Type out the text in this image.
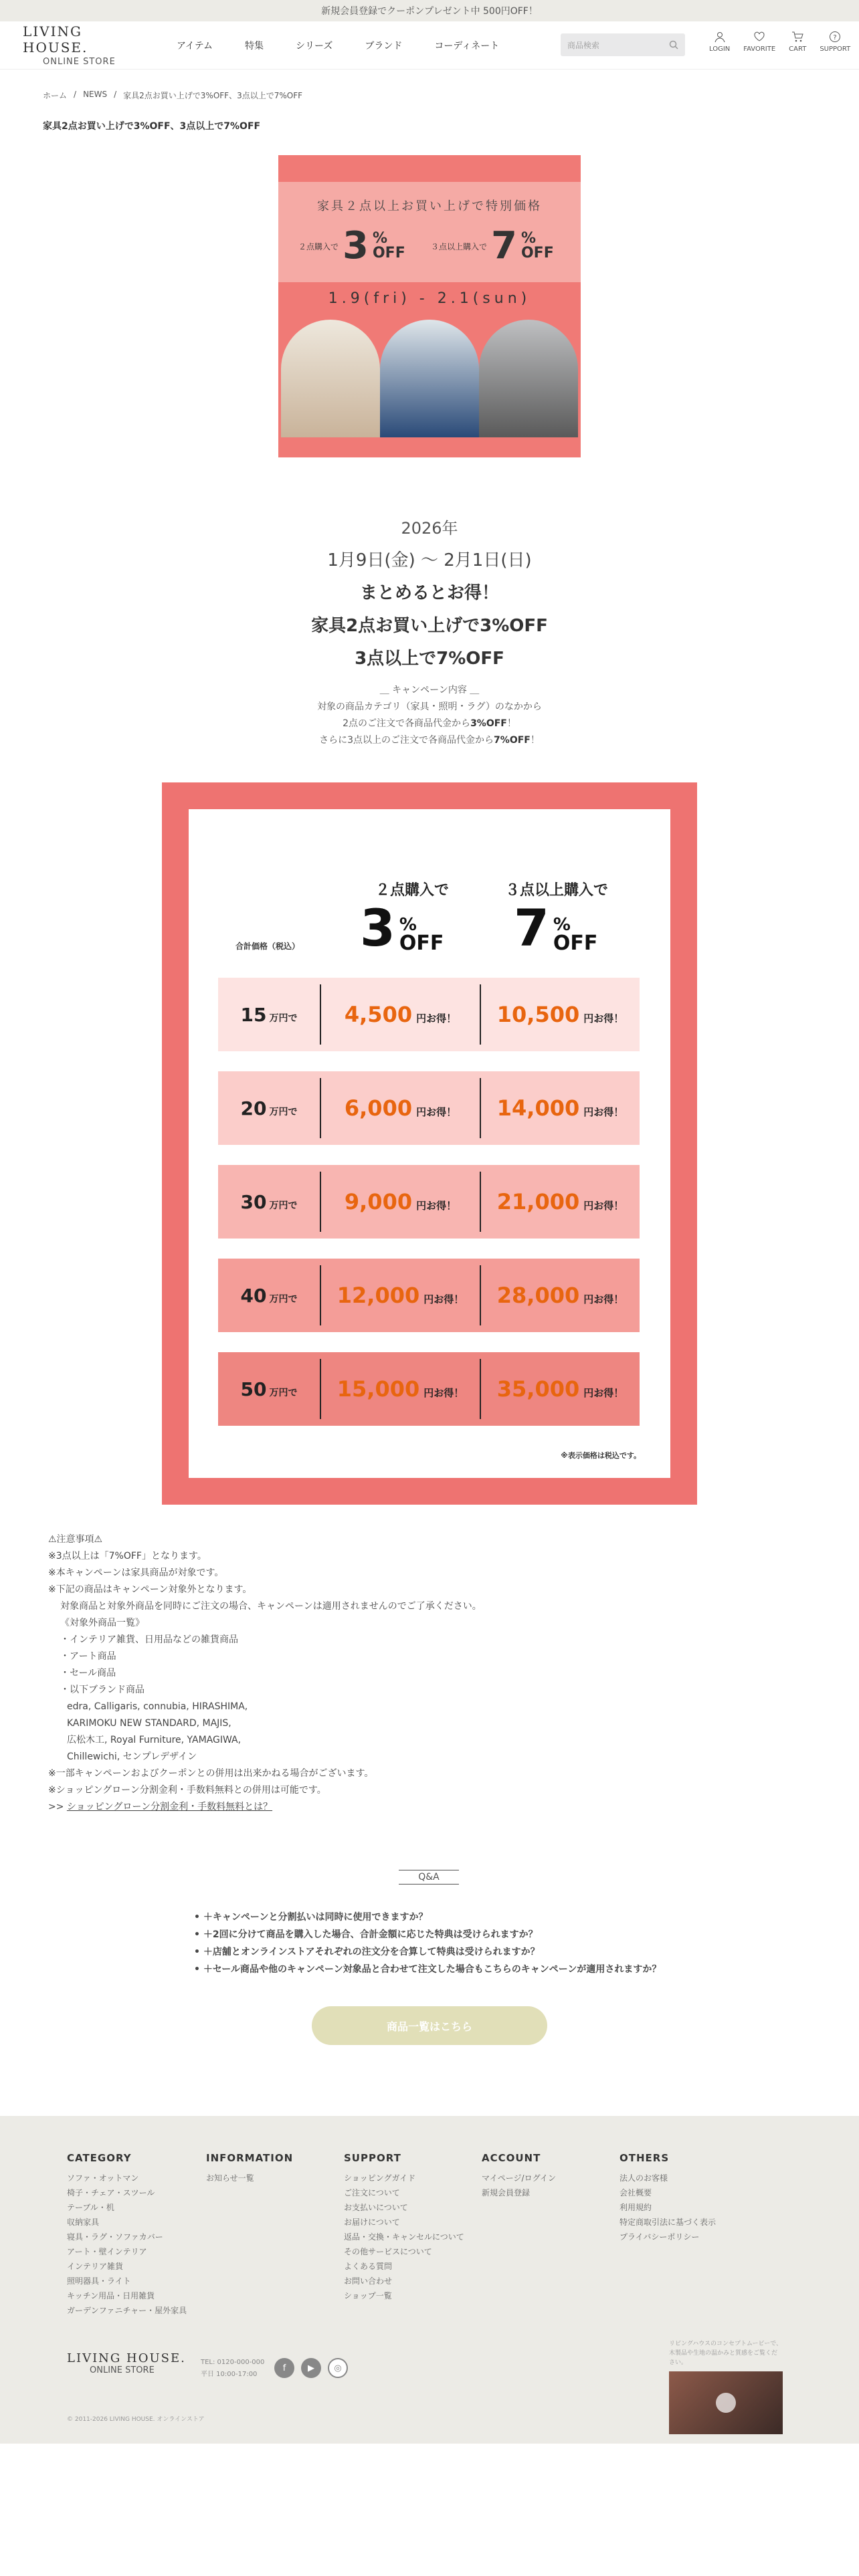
新規会員登録でクーポンプレゼント中 500円OFF！
LIVING HOUSE.
ONLINE STORE
アイテム	特集	シリーズ	ブランド	コーディネート	商品検索	LOGIN FAVORITE CART
?
SUPPORT
ホーム / NEWS / 家具2点お買い上げで3%OFF、3点以上で7%OFF
家具2点お買い上げで3%OFF、3点以上で7%OFF
家具２点以上お買い上げで特別価格
２点購入で 3 %
OFF	３点以上購入で 7 %
OFF
1.9(fri) - 2.1(sun)
2026年
1月9日(金) 〜 2月1日(日)
まとめるとお得！
家具2点お買い上げで3%OFF
3点以上で7%OFF
＿ キャンペーン内容 ＿
対象の商品カテゴリ（家具・照明・ラグ）のなかから
2点のご注文で各商品代金から3%OFF！
さらに3点以上のご注文で各商品代金から7%OFF！
２点購入で	３点以上購入で
3 %
OFF 7 %
OFF
合計価格（税込）
15 万円で 4,500 円お得！ 10,500 円お得！
20 万円で 6,000 円お得！ 14,000 円お得！
30 万円で 9,000 円お得！ 21,000 円お得！
40 万円で 12,000 円お得！ 28,000 円お得！
50 万円で 15,000 円お得！ 35,000 円お得！
※表示価格は税込です。
⚠注意事項⚠
※3点以上は「7%OFF」となります。
※本キャンペーンは家具商品が対象です。
※下記の商品はキャンペーン対象外となります。
対象商品と対象外商品を同時にご注文の場合、キャンペーンは適用されませんのでご了承ください。
《対象外商品一覧》
・インテリア雑貨、日用品などの雑貨商品
・アート商品
・セール商品
・以下ブランド商品
edra, Calligaris, connubia, HIRASHIMA,
KARIMOKU NEW STANDARD, MAJIS,
広松木工, Royal Furniture, YAMAGIWA,
Chillewichi, センプレデザイン
※一部キャンペーンおよびクーポンとの併用は出来かねる場合がございます。
※ショッピングローン分割金利・手数料無料との併用は可能です。
>> ショッピングローン分割金利・手数料無料とは？
Q&A
• ＋キャンペーンと分割払いは同時に使用できますか？
• ＋2回に分けて商品を購入した場合、合計金額に応じた特典は受けられますか？
• ＋店舗とオンラインストアそれぞれの注文分を合算して特典は受けられますか？
• ＋セール商品や他のキャンペーン対象品と合わせて注文した場合もこちらのキャンペーンが適用されますか？
商品一覧はこちら
CATEGORY
ソファ・オットマン
椅子・チェア・スツール
テーブル・机
収納家具
寝具・ラグ・ソファカバー
アート・壁インテリア
インテリア雑貨
照明器具・ライト
キッチン用品・日用雑貨
ガーデンファニチャー・屋外家具
INFORMATION
お知らせ一覧
SUPPORT
ショッピングガイド
ご注文について
お支払いについて
お届けについて
返品・交換・キャンセルについて
その他サービスについて
よくある質問
お問い合わせ
ショップ一覧
ACCOUNT
マイページ/ログイン
新規会員登録
OTHERS
法人のお客様
会社概要
利用規約
特定商取引法に基づく表示
プライバシーポリシー
LIVING HOUSE.
ONLINE STORE
TEL: 0120-000-000
平日 10:00-17:00
f	▶	◎
リビングハウスのコンセプトムービーで、木製品や生地の温かみと質感をご覧ください。
© 2011-2026 LIVING HOUSE. オンラインストア
